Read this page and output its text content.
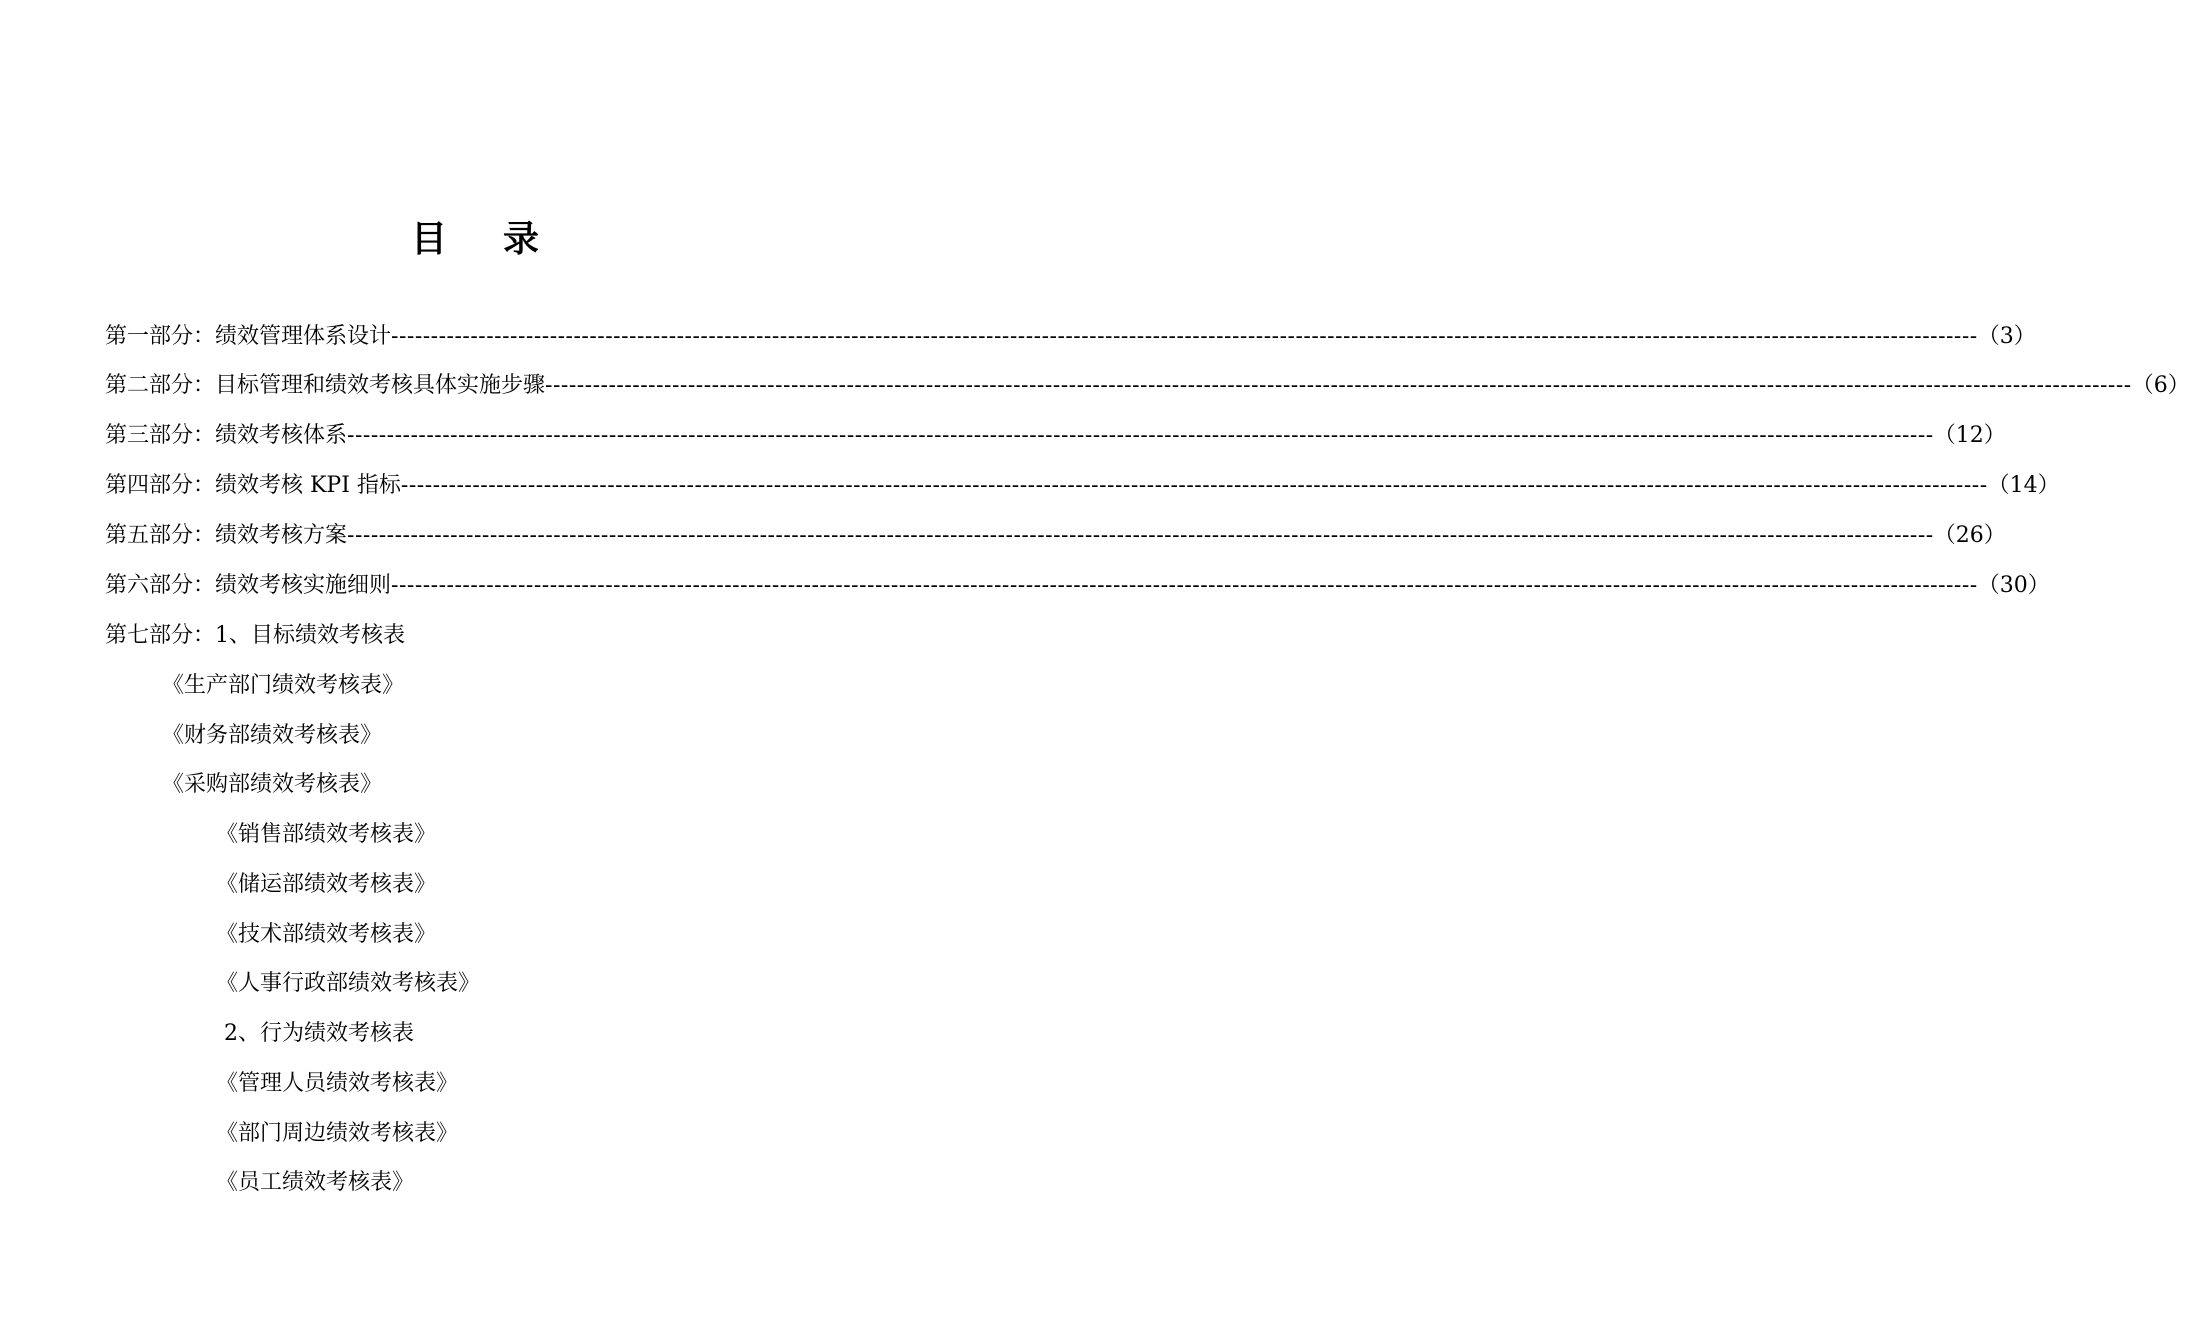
目 录
第一部分：绩效管理体系设计 -------------------------------------------------------------------------------------------------------------------------------------------------------------------------------------------------------- （3）
第二部分：目标管理和绩效考核具体实施步骤 -------------------------------------------------------------------------------------------------------------------------------------------------------------------------------------------------------- （6）
第三部分：绩效考核体系 -------------------------------------------------------------------------------------------------------------------------------------------------------------------------------------------------------- （12）
第四部分：绩效考核 KPI 指标 -------------------------------------------------------------------------------------------------------------------------------------------------------------------------------------------------------- （14）
第五部分：绩效考核方案 -------------------------------------------------------------------------------------------------------------------------------------------------------------------------------------------------------- （26）
第六部分：绩效考核实施细则 -------------------------------------------------------------------------------------------------------------------------------------------------------------------------------------------------------- （30）
第七部分：1、目标绩效考核表
《生产部门绩效考核表》
《财务部绩效考核表》
《采购部绩效考核表》
《销售部绩效考核表》
《储运部绩效考核表》
《技术部绩效考核表》
《人事行政部绩效考核表》
2、行为绩效考核表
《管理人员绩效考核表》
《部门周边绩效考核表》
《员工绩效考核表》
